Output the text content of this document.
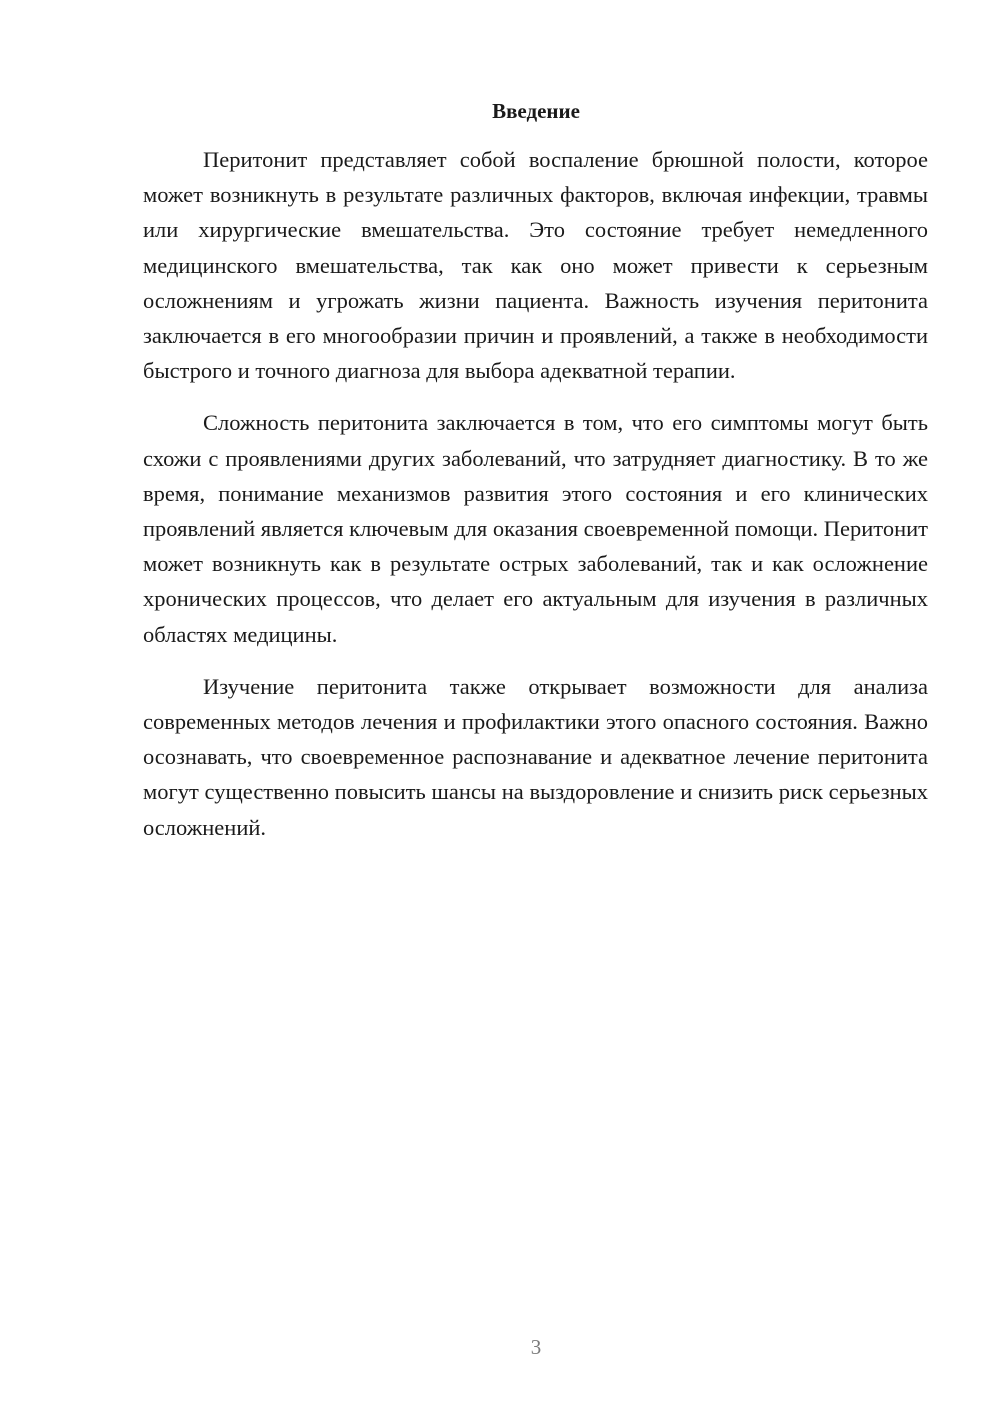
Введение

Перитонит представляет собой воспаление брюшной полости, которое может возникнуть в результате различных факторов, включая инфекции, травмы или хирургические вмешательства. Это состояние требует немедленного медицинского вмешательства, так как оно может привести к серьезным осложнениям и угрожать жизни пациента. Важность изучения перитонита заключается в его многообразии причин и проявлений, а также в необходимости быстрого и точного диагноза для выбора адекватной терапии.

Сложность перитонита заключается в том, что его симптомы могут быть схожи с проявлениями других заболеваний, что затрудняет диагностику. В то же время, понимание механизмов развития этого состояния и его клинических проявлений является ключевым для оказания своевременной помощи. Перитонит может возникнуть как в результате острых заболеваний, так и как осложнение хронических процессов, что делает его актуальным для изучения в различных областях медицины.

Изучение перитонита также открывает возможности для анализа современных методов лечения и профилактики этого опасного состояния. Важно осознавать, что своевременное распознавание и адекватное лечение перитонита могут существенно повысить шансы на выздоровление и снизить риск серьезных осложнений.

3
